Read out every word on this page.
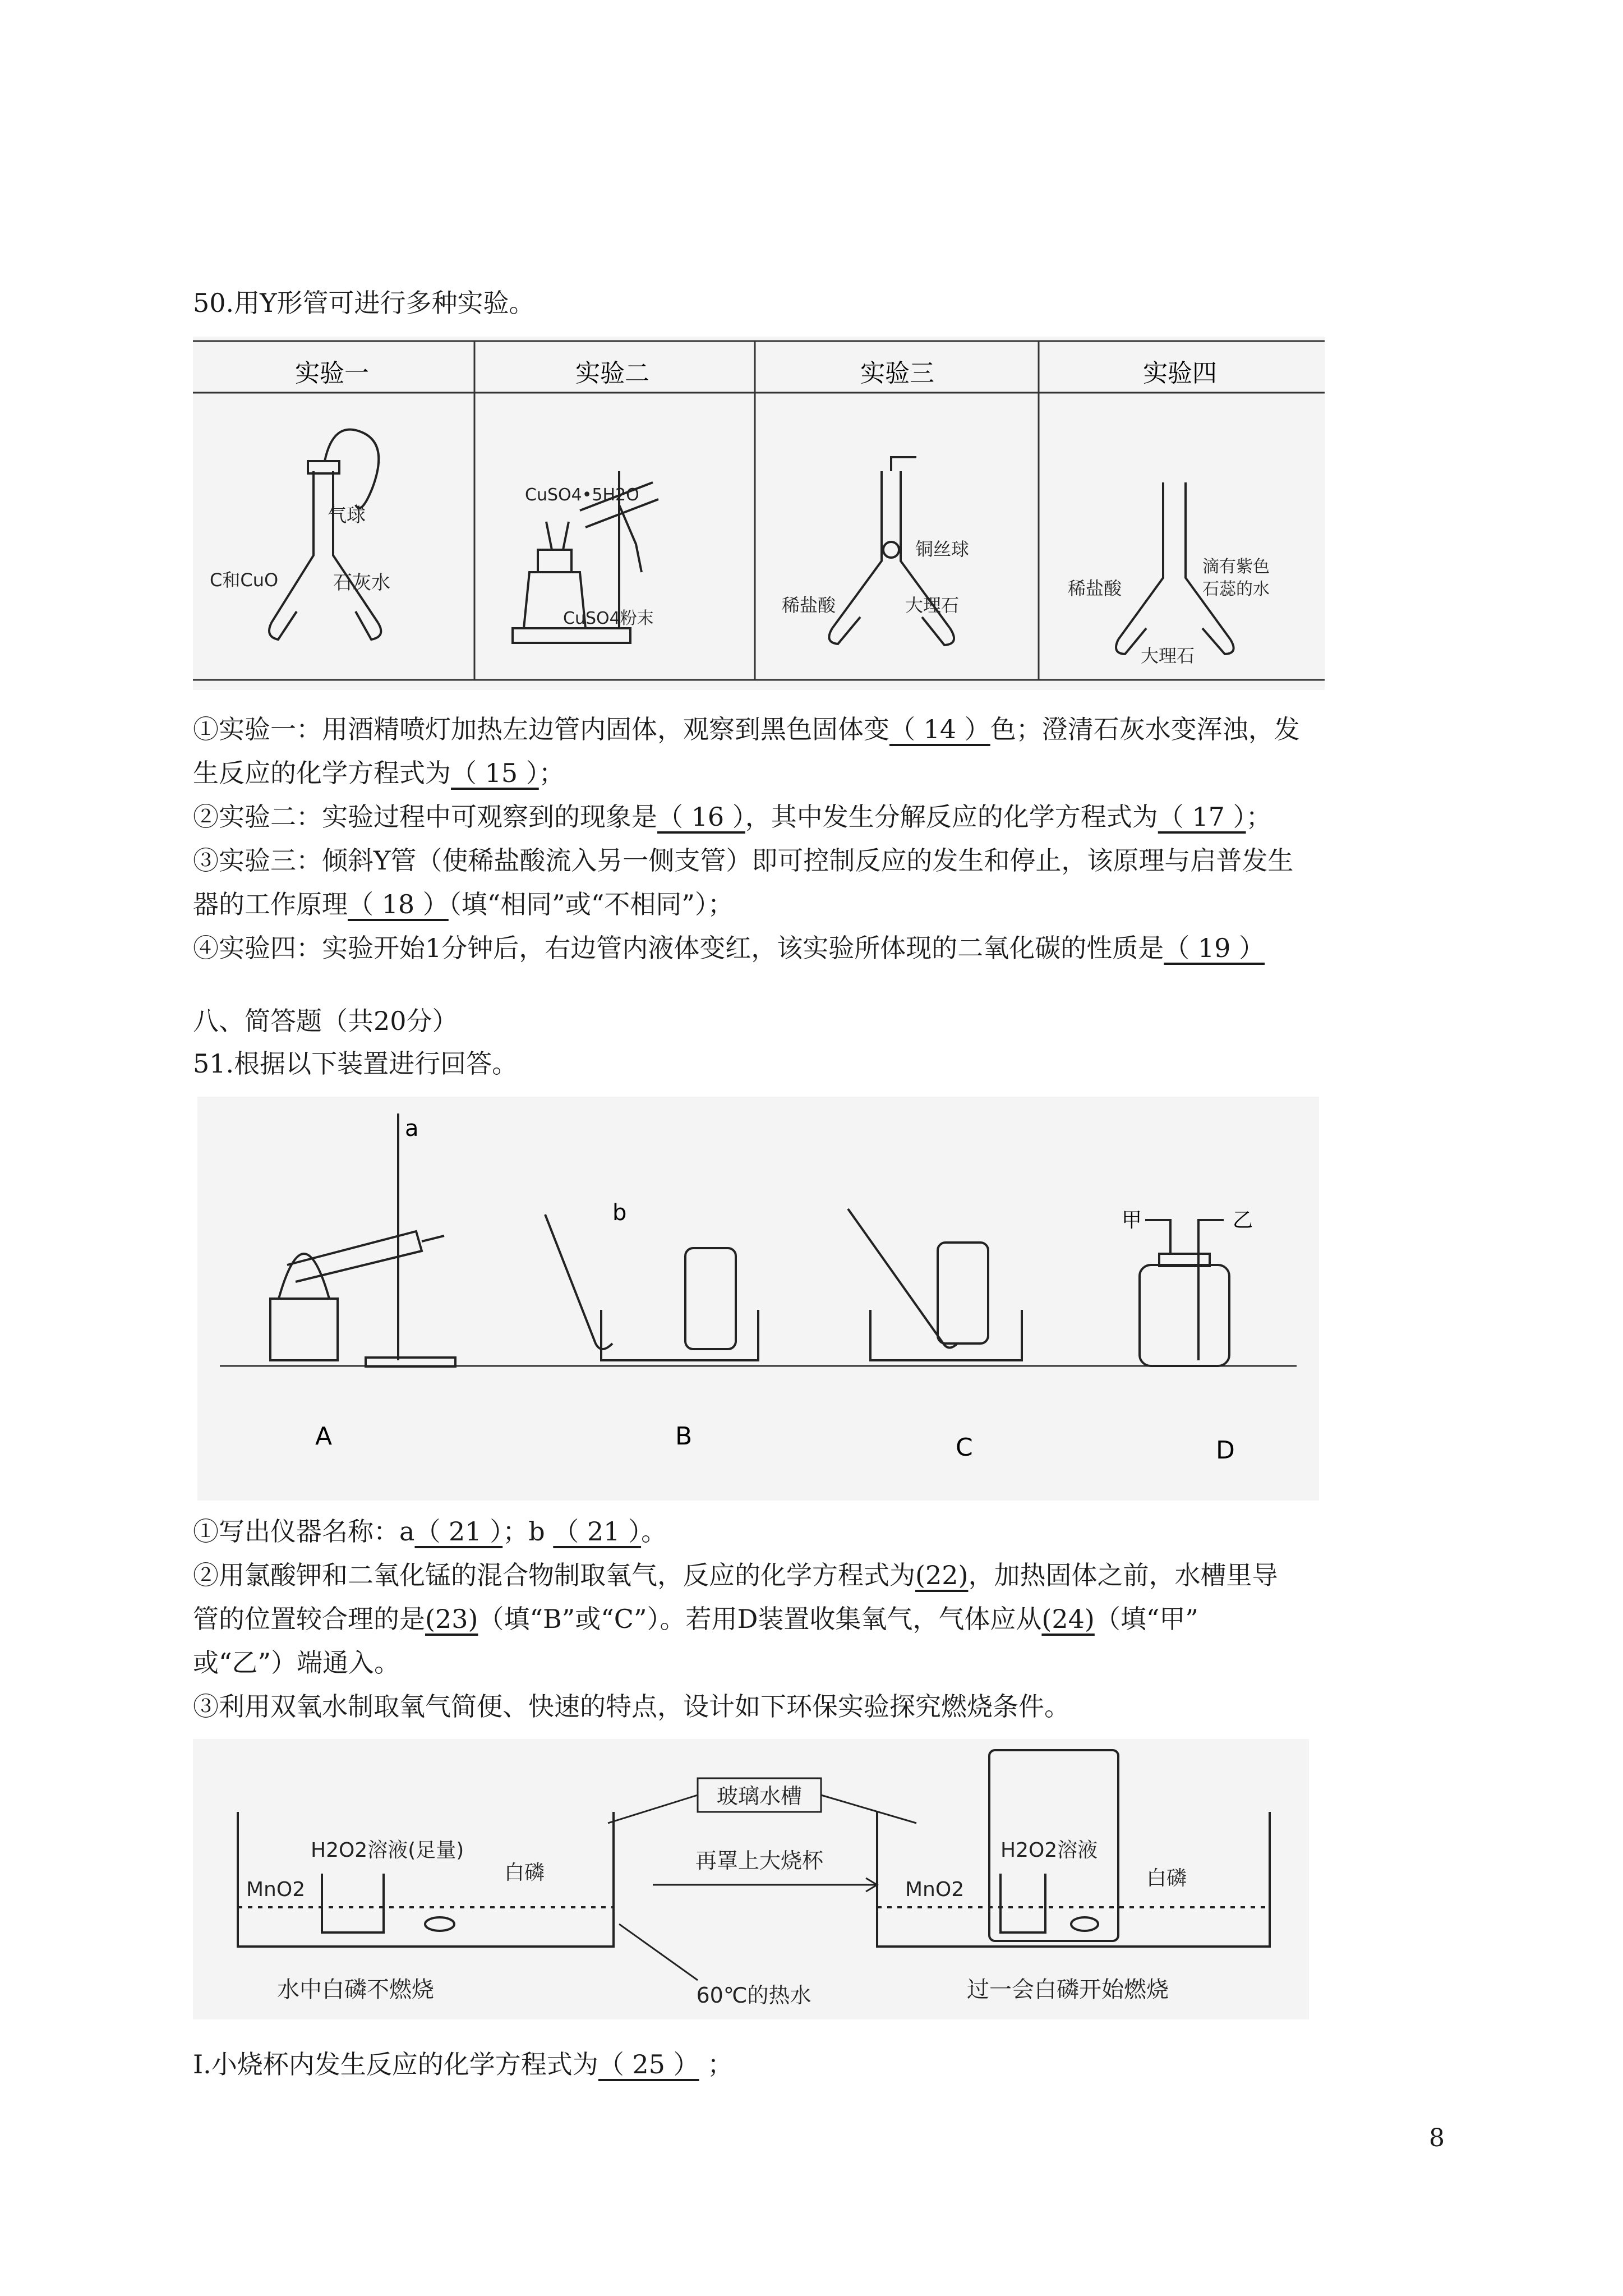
50.用Y形管可进行多种实验。
实验一	实验二	实验三	实验四
气球
C和CuO	石灰水
CuSO4•5H2O
CuSO4粉末
铜丝球
稀盐酸	大理石
稀盐酸
滴有紫色
石蕊的水
大理石
①实验一：用酒精喷灯加热左边管内固体，观察到黑色固体变（ 14 ）色；澄清石灰水变浑浊，发
生反应的化学方程式为（ 15 ）；
②实验二：实验过程中可观察到的现象是（ 16 ），其中发生分解反应的化学方程式为（ 17 ）；
③实验三：倾斜Y管（使稀盐酸流入另一侧支管）即可控制反应的发生和停止，该原理与启普发生
器的工作原理（ 18 ）（填“相同”或“不相同”）；
④实验四：实验开始1分钟后，右边管内液体变红，该实验所体现的二氧化碳的性质是（ 19 ）
八、简答题（共20分）
51.根据以下装置进行回答。
a
b	甲	乙
A	B	C	D
①写出仪器名称：a（ 21 ）；b （ 21 ）。
②用氯酸钾和二氧化锰的混合物制取氧气，反应的化学方程式为(22)，加热固体之前，水槽里导
管的位置较合理的是(23)（填“B”或“C”）。若用D装置收集氧气，气体应从(24)（填“甲”
或“乙”）端通入。
③利用双氧水制取氧气简便、快速的特点，设计如下环保实验探究燃烧条件。
H2O2溶液(足量)
MnO2
白磷
水中白磷不燃烧
玻璃水槽
再罩上大烧杯
60℃的热水
H2O2溶液
MnO2	白磷
过一会白磷开始燃烧
I.小烧杯内发生反应的化学方程式为（ 25 ） ；
8
